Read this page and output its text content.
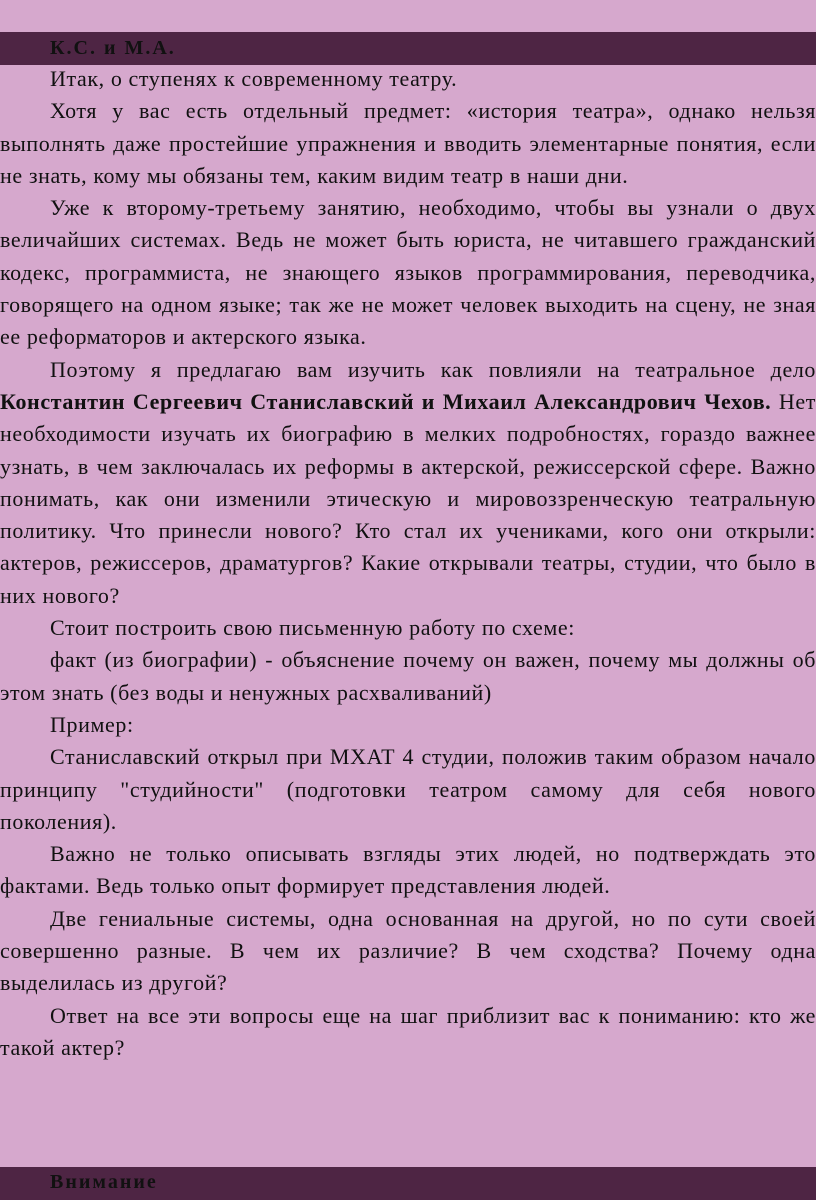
К.С. и М.А.

Итак, о ступенях к современному театру.

Хотя у вас есть отдельный предмет: «история театра», однако нельзя выполнять даже простейшие упражнения и вводить элементарные понятия, если не знать, кому мы обязаны тем, каким видим театр в наши дни.

Уже к второму-третьему занятию, необходимо, чтобы вы узнали о двух величайших системах. Ведь не может быть юриста, не читавшего гражданский кодекс, программиста, не знающего языков программирования, переводчика, говорящего на одном языке; так же не может человек выходить на сцену, не зная ее реформаторов и актерского языка.

Поэтому я предлагаю вам изучить как повлияли на театральное дело Константин Сергеевич Станиславский и Михаил Александрович Чехов. Нет необходимости изучать их биографию в мелких подробностях, гораздо важнее узнать, в чем заключалась их реформы в актерской, режиссерской сфере. Важно понимать, как они изменили этическую и мировоззренческую театральную политику. Что принесли нового? Кто стал их учениками, кого они открыли: актеров, режиссеров, драматургов? Какие открывали театры, студии, что было в них нового?

Стоит построить свою письменную работу по схеме:

факт (из биографии) - объяснение почему он важен, почему мы должны об этом знать (без воды и ненужных расхваливаний)

Пример:

Станиславский открыл при МХАТ 4 студии, положив таким образом начало принципу "студийности" (подготовки театром самому для себя нового поколения).

Важно не только описывать взгляды этих людей, но подтверждать это фактами. Ведь только опыт формирует представления людей.

Две гениальные системы, одна основанная на другой, но по сути своей совершенно разные. В чем их различие? В чем сходства? Почему одна выделилась из другой?

Ответ на все эти вопросы еще на шаг приблизит вас к пониманию: кто же такой актер?

Внимание
